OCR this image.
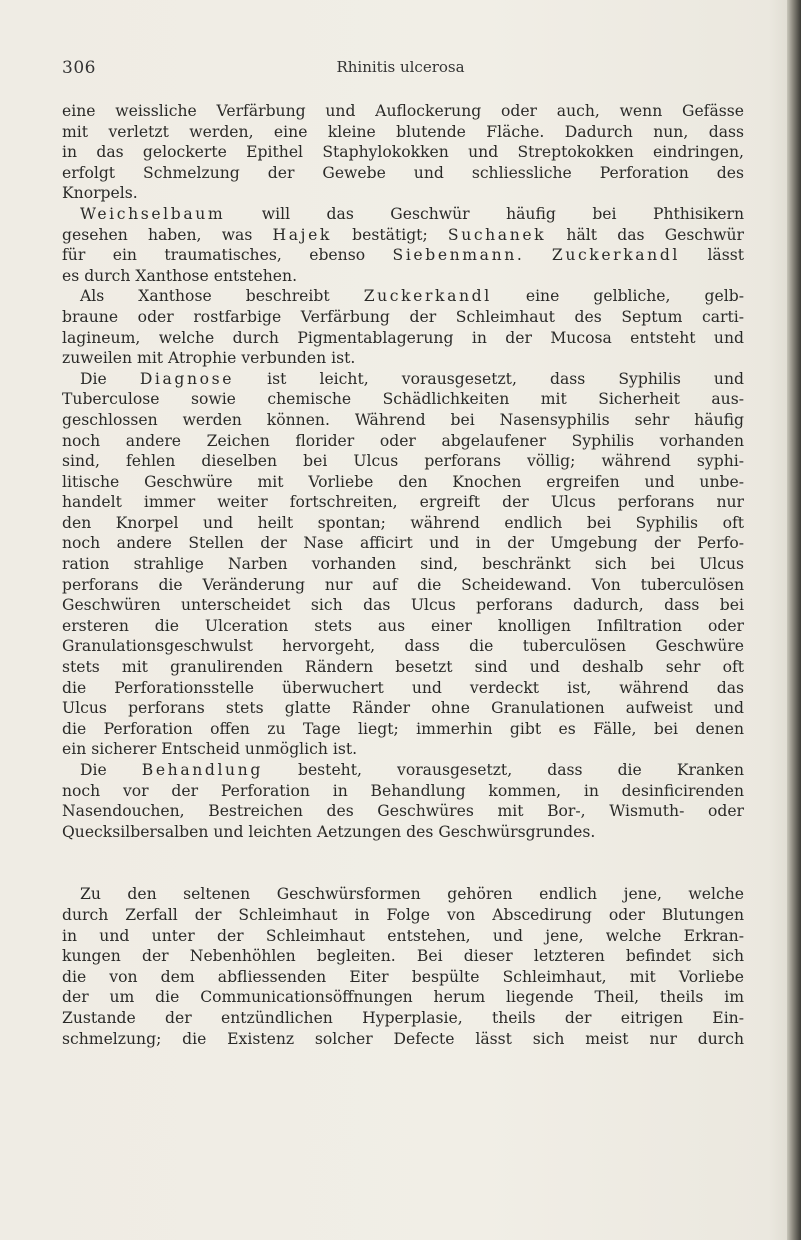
306	Rhinitis ulcerosa
eine weissliche Verfärbung und Auflockerung oder auch, wenn Gefässe
mit verletzt werden, eine kleine blutende Fläche. Dadurch nun, dass
in das gelockerte Epithel Staphylokokken und Streptokokken eindringen,
erfolgt Schmelzung der Gewebe und schliessliche Perforation des
Knorpels.
Weichselbaum will das Geschwür häufig bei Phthisikern
gesehen haben, was Hajek bestätigt; Suchanek hält das Geschwür
für ein traumatisches, ebenso Siebenmann. Zuckerkandl lässt
es durch Xanthose entstehen.
Als Xanthose beschreibt Zuckerkandl eine gelbliche, gelb-
braune oder rostfarbige Verfärbung der Schleimhaut des Septum carti-
lagineum, welche durch Pigmentablagerung in der Mucosa entsteht und
zuweilen mit Atrophie verbunden ist.
Die Diagnose ist leicht, vorausgesetzt, dass Syphilis und
Tuberculose sowie chemische Schädlichkeiten mit Sicherheit aus-
geschlossen werden können. Während bei Nasensyphilis sehr häufig
noch andere Zeichen florider oder abgelaufener Syphilis vorhanden
sind, fehlen dieselben bei Ulcus perforans völlig; während syphi-
litische Geschwüre mit Vorliebe den Knochen ergreifen und unbe-
handelt immer weiter fortschreiten, ergreift der Ulcus perforans nur
den Knorpel und heilt spontan; während endlich bei Syphilis oft
noch andere Stellen der Nase afficirt und in der Umgebung der Perfo-
ration strahlige Narben vorhanden sind, beschränkt sich bei Ulcus
perforans die Veränderung nur auf die Scheidewand. Von tuberculösen
Geschwüren unterscheidet sich das Ulcus perforans dadurch, dass bei
ersteren die Ulceration stets aus einer knolligen Infiltration oder
Granulationsgeschwulst hervorgeht, dass die tuberculösen Geschwüre
stets mit granulirenden Rändern besetzt sind und deshalb sehr oft
die Perforationsstelle überwuchert und verdeckt ist, während das
Ulcus perforans stets glatte Ränder ohne Granulationen aufweist und
die Perforation offen zu Tage liegt; immerhin gibt es Fälle, bei denen
ein sicherer Entscheid unmöglich ist.
Die Behandlung besteht, vorausgesetzt, dass die Kranken
noch vor der Perforation in Behandlung kommen, in desinficirenden
Nasendouchen, Bestreichen des Geschwüres mit Bor-, Wismuth- oder
Quecksilbersalben und leichten Aetzungen des Geschwürsgrundes.
Zu den seltenen Geschwürsformen gehören endlich jene, welche
durch Zerfall der Schleimhaut in Folge von Abscedirung oder Blutungen
in und unter der Schleimhaut entstehen, und jene, welche Erkran-
kungen der Nebenhöhlen begleiten. Bei dieser letzteren befindet sich
die von dem abfliessenden Eiter bespülte Schleimhaut, mit Vorliebe
der um die Communicationsöffnungen herum liegende Theil, theils im
Zustande der entzündlichen Hyperplasie, theils der eitrigen Ein-
schmelzung; die Existenz solcher Defecte lässt sich meist nur durch
